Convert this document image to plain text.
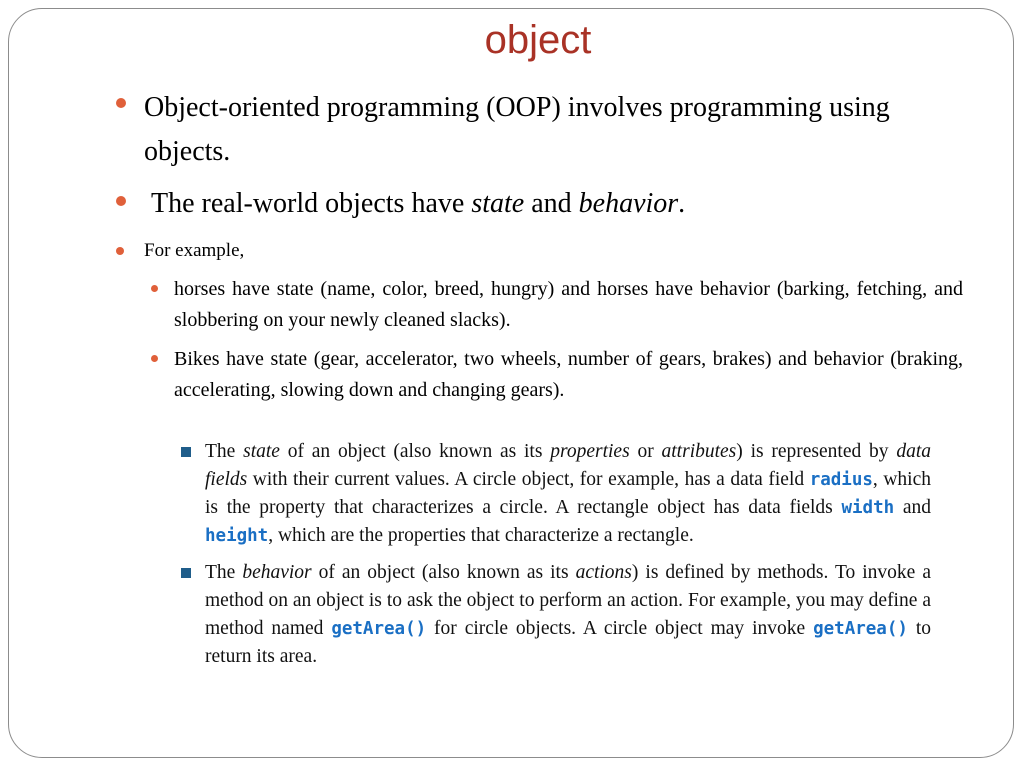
object
Object-oriented programming (OOP) involves programming using objects.
The real-world objects have state and behavior.
For example,
horses have state (name, color, breed, hungry) and horses have behavior (barking, fetching, and slobbering on your newly cleaned slacks).
Bikes have state (gear, accelerator, two wheels, number of gears, brakes) and behavior (braking, accelerating, slowing down and changing gears).
The state of an object (also known as its properties or attributes) is represented by data fields with their current values. A circle object, for example, has a data field radius, which is the property that characterizes a circle. A rectangle object has data fields width and height, which are the properties that characterize a rectangle.
The behavior of an object (also known as its actions) is defined by methods. To invoke a method on an object is to ask the object to perform an action. For example, you may define a method named getArea() for circle objects. A circle object may invoke getArea() to return its area.
